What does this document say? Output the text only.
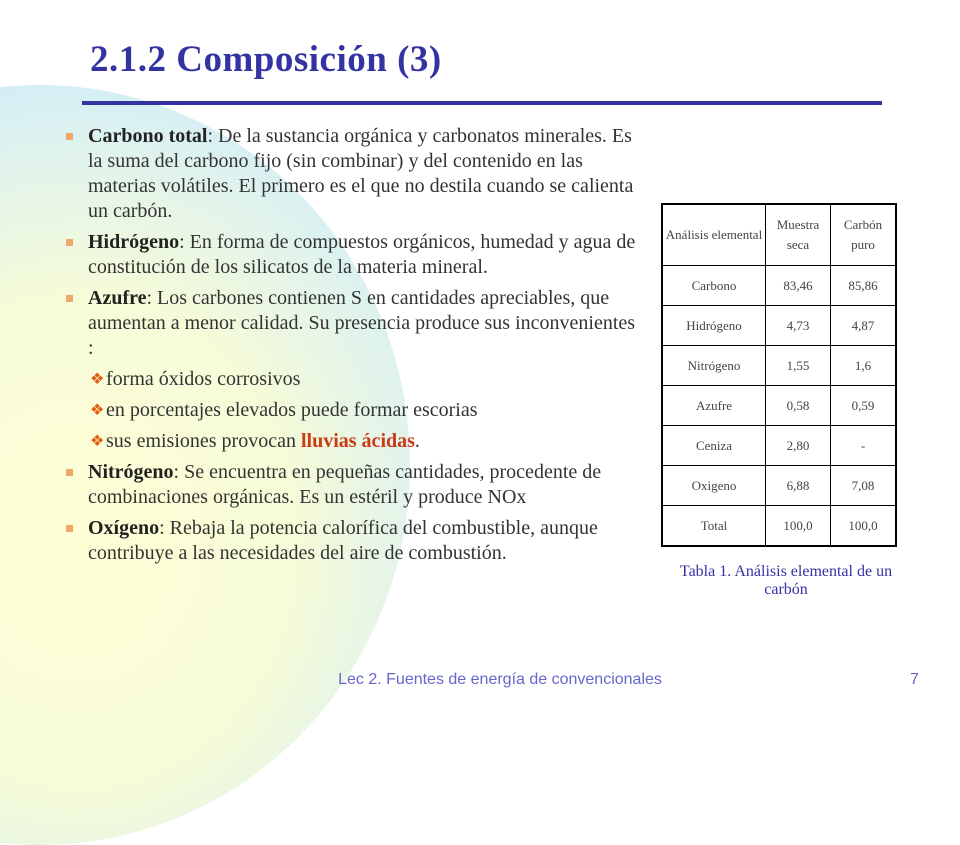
2.1.2 Composición (3)
Carbono total: De la sustancia orgánica y carbonatos minerales. Es la suma del carbono fijo (sin combinar) y del contenido en las materias volátiles. El primero es el que no destila cuando se calienta un carbón.
Hidrógeno: En forma de compuestos orgánicos, humedad y agua de constitución de los silicatos de la materia mineral.
Azufre: Los carbones contienen S en cantidades apreciables, que aumentan a menor calidad. Su presencia produce sus inconvenientes :
❖ forma óxidos corrosivos
❖ en porcentajes elevados puede formar escorias
❖ sus emisiones provocan lluvias ácidas.
Nitrógeno: Se encuentra en pequeñas cantidades, procedente de combinaciones orgánicas. Es un estéril y produce NOx
Oxígeno: Rebaja la potencia calorífica del combustible, aunque contribuye a las necesidades del aire de combustión.
Análisis elemental	Muestra seca	Carbón puro
Carbono	83,46	85,86
Hidrógeno	4,73	4,87
Nitrógeno	1,55	1,6
Azufre	0,58	0,59
Ceniza	2,80	-
Oxigeno	6,88	7,08
Total	100,0	100,0
Tabla 1. Análisis elemental de un carbón
Lec 2. Fuentes de energía de convencionales	7
